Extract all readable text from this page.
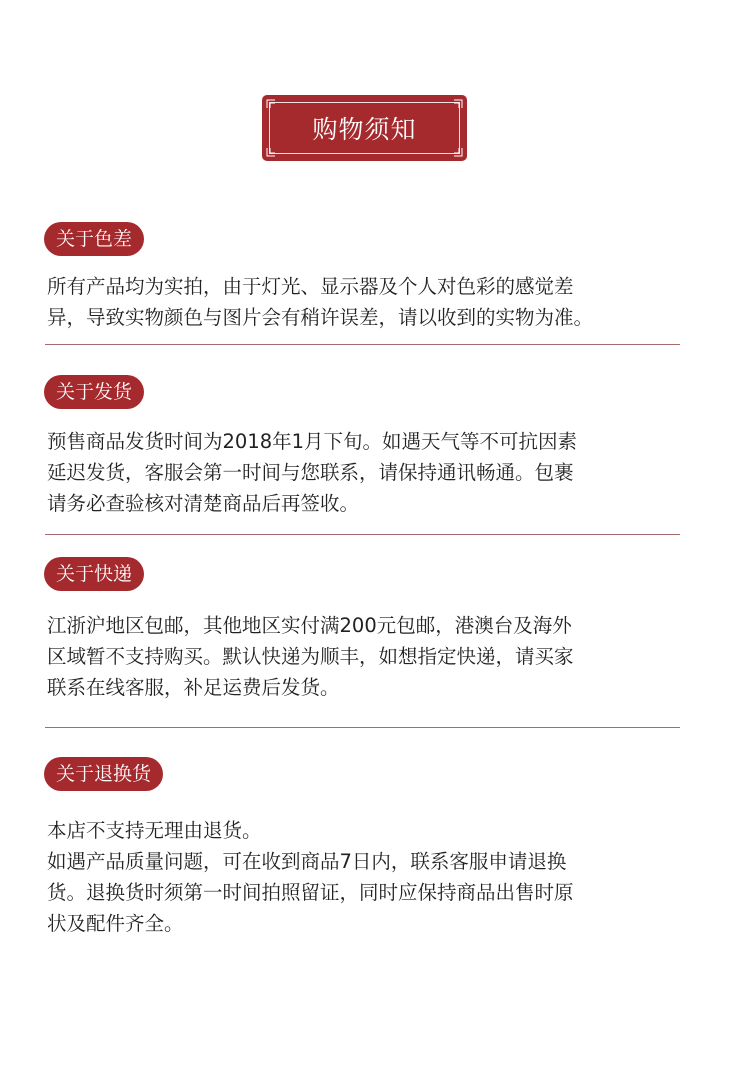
购物须知
关于色差
所有产品均为实拍，由于灯光、显示器及个人对色彩的感觉差
异，导致实物颜色与图片会有稍许误差，请以收到的实物为准。
关于发货
预售商品发货时间为2018年1月下旬。如遇天气等不可抗因素
延迟发货，客服会第一时间与您联系，请保持通讯畅通。包裹
请务必查验核对清楚商品后再签收。
关于快递
江浙沪地区包邮，其他地区实付满200元包邮，港澳台及海外
区域暂不支持购买。默认快递为顺丰，如想指定快递，请买家
联系在线客服，补足运费后发货。
关于退换货
本店不支持无理由退货。
如遇产品质量问题，可在收到商品7日内，联系客服申请退换
货。退换货时须第一时间拍照留证，同时应保持商品出售时原
状及配件齐全。
